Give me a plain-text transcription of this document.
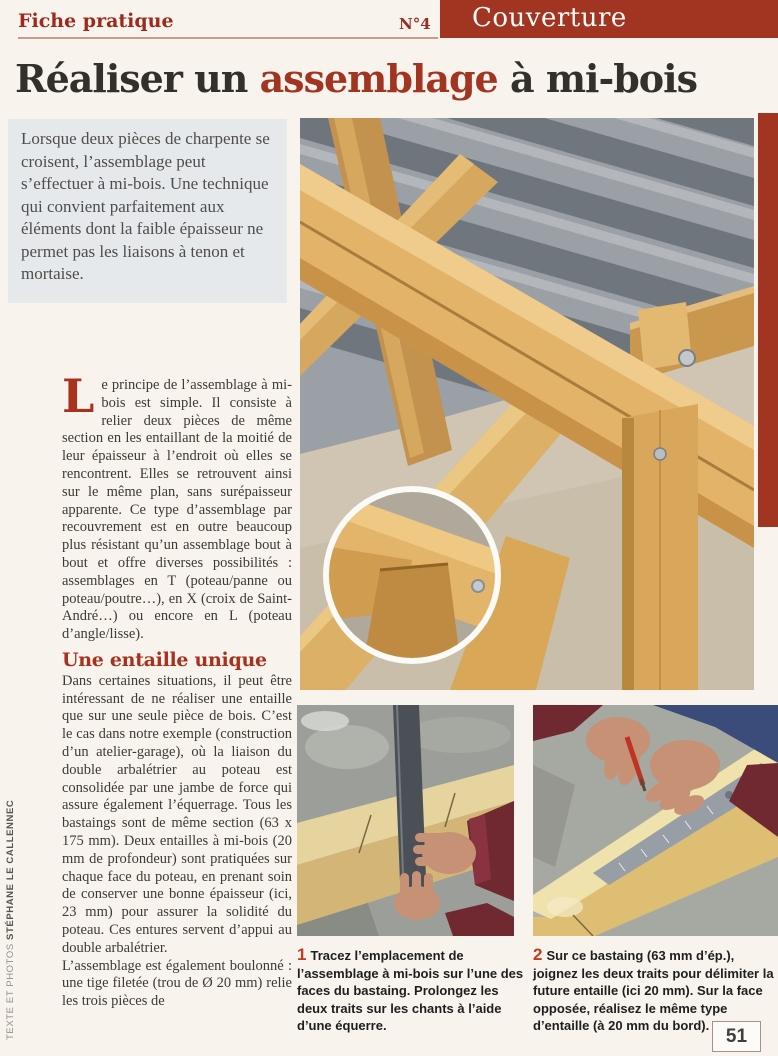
Fiche pratique	N°4	Couverture
Réaliser un assemblage à mi-bois
Lorsque deux pièces de charpente se croisent, l’assemblage peut s’effectuer à mi-bois. Une technique qui convient parfaitement aux éléments dont la faible épaisseur ne permet pas les liaisons à tenon et mortaise.

Le principe de l’assemblage à mi-bois est simple. Il consiste à relier deux pièces de même section en les entaillant de la moitié de leur épaisseur à l’endroit où elles se rencontrent. Elles se retrouvent ainsi sur le même plan, sans surépaisseur apparente. Ce type d’assemblage par recouvrement est en outre beaucoup plus résistant qu’un assemblage bout à bout et offre diverses possibilités : assemblages en T (poteau/panne ou poteau/poutre…), en X (croix de Saint-André…) ou encore en L (poteau d’angle/lisse).

Une entaille unique

Dans certaines situations, il peut être intéressant de ne réaliser une entaille que sur une seule pièce de bois. C’est le cas dans notre exemple (construction d’un atelier-garage), où la liaison du double arbalétrier au poteau est consolidée par une jambe de force qui assure également l’équerrage. Tous les bastaings sont de même section (63 x 175 mm). Deux entailles à mi-bois (20 mm de profondeur) sont pratiquées sur chaque face du poteau, en prenant soin de conserver une bonne épaisseur (ici, 23 mm) pour assurer la solidité du poteau. Ces entures servent d’appui au double arbalétrier.

L’assemblage est également boulonné : une tige filetée (trou de Ø 20 mm) relie les trois pièces de

TEXTE ET PHOTOS STÉPHANE LE CALLENNEC
1 Tracez l’emplacement de l’assemblage à mi-bois sur l’une des faces du bastaing. Prolongez les deux traits sur les chants à l’aide d’une équerre.
2 Sur ce bastaing (63 mm d’ép.), joignez les deux traits pour délimiter la future entaille (ici 20 mm). Sur la face opposée, réalisez le même type d’entaille (à 20 mm du bord). 51
